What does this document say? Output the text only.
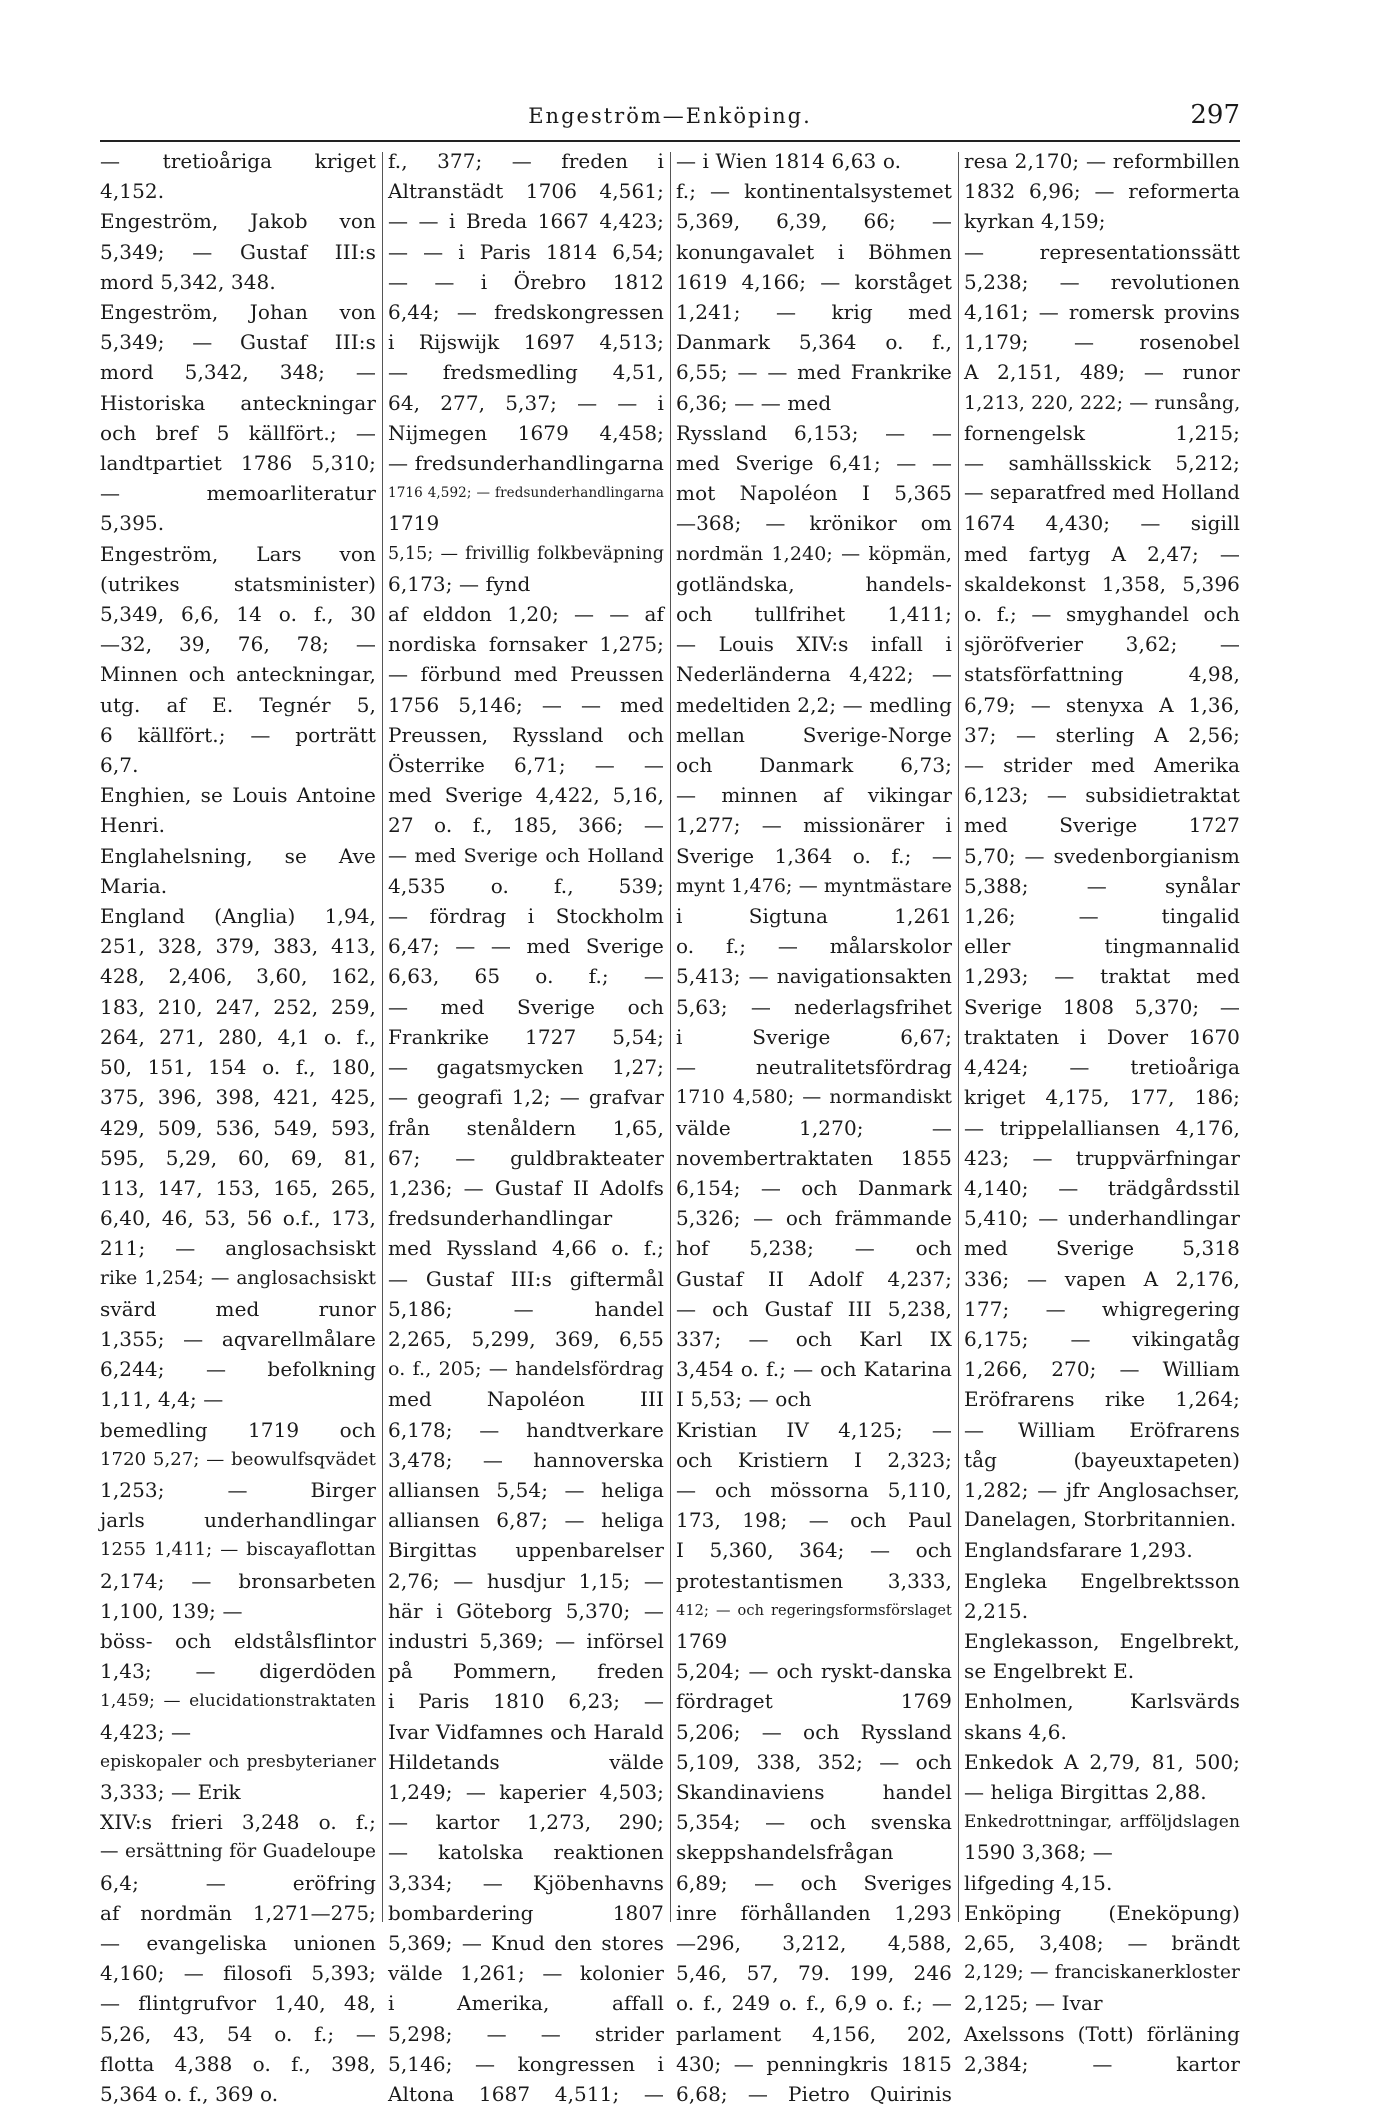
Engeström—Enköping.	297
— tretioåriga kriget
4,152.
Engeström, Jakob von
5,349; — Gustaf III:s
mord 5,342, 348.
Engeström, Johan von
5,349; — Gustaf III:s
mord 5,342, 348; —
Historiska anteckningar
och bref 5 källfört.; —
landtpartiet 1786 5,310;
— memoarliteratur
5,395.
Engeström, Lars von
(utrikes statsminister)
5,349, 6,6, 14 o. f., 30
—32, 39, 76, 78; —
Minnen och anteckningar,
utg. af E. Tegnér 5,
6 källfört.; — porträtt
6,7.
Enghien, se Louis Antoine
Henri.
Englahelsning, se Ave
Maria.
England (Anglia) 1,94,
251, 328, 379, 383, 413,
428, 2,406, 3,60, 162,
183, 210, 247, 252, 259,
264, 271, 280, 4,1 o. f.,
50, 151, 154 o. f., 180,
375, 396, 398, 421, 425,
429, 509, 536, 549, 593,
595, 5,29, 60, 69, 81,
113, 147, 153, 165, 265,
6,40, 46, 53, 56 o.f., 173,
211; — anglosachsiskt
rike 1,254; — anglosachsiskt
svärd med runor
1,355; — aqvarellmålare
6,244; — befolkning
1,11, 4,4; —
bemedling 1719 och
1720 5,27; — beowulfsqvädet
1,253; — Birger
jarls underhandlingar
1255 1,411; — biscayaflottan
2,174; — bronsarbeten
1,100, 139; —
böss- och eldstålsflintor
1,43; — digerdöden
1,459; — elucidationstraktaten
4,423; —
episkopaler och presbyterianer
3,333; — Erik
XIV:s frieri 3,248 o. f.;
— ersättning för Guadeloupe
6,4; — eröfring
af nordmän 1,271—275;
— evangeliska unionen
4,160; — filosofi 5,393;
— flintgrufvor 1,40, 48,
5,26, 43, 54 o. f.; —
flotta 4,388 o. f., 398,
5,364 o. f., 369 o.
f., 377; — freden i
Altranstädt 1706 4,561;
— — i Breda 1667 4,423;
— — i Paris 1814 6,54;
— — i Örebro 1812
6,44; — fredskongressen
i Rijswijk 1697 4,513;
— fredsmedling 4,51,
64, 277, 5,37; — — i
Nijmegen 1679 4,458;
— fredsunderhandlingarna
1716 4,592; — fredsunderhandlingarna
1719
5,15; — frivillig folkbeväpning
6,173; — fynd
af elddon 1,20; — — af
nordiska fornsaker 1,275;
— förbund med Preussen
1756 5,146; — — med
Preussen, Ryssland och
Österrike 6,71; — —
med Sverige 4,422, 5,16,
27 o. f., 185, 366; —
— med Sverige och Holland
4,535 o. f., 539;
— fördrag i Stockholm
6,47; — — med Sverige
6,63, 65 o. f.; —
— med Sverige och
Frankrike 1727 5,54;
— gagatsmycken 1,27;
— geografi 1,2; — grafvar
från stenåldern 1,65,
67; — guldbrakteater
1,236; — Gustaf II Adolfs
fredsunderhandlingar
med Ryssland 4,66 o. f.;
— Gustaf III:s giftermål
5,186; — handel
2,265, 5,299, 369, 6,55
o. f., 205; — handelsfördrag
med Napoléon III
6,178; — handtverkare
3,478; — hannoverska
alliansen 5,54; — heliga
alliansen 6,87; — heliga
Birgittas uppenbarelser
2,76; — husdjur 1,15; —
här i Göteborg 5,370; —
industri 5,369; — införsel
på Pommern, freden
i Paris 1810 6,23; —
Ivar Vidfamnes och Harald
Hildetands välde
1,249; — kaperier 4,503;
— kartor 1,273, 290;
— katolska reaktionen
3,334; — Kjöbenhavns
bombardering 1807
5,369; — Knud den stores
välde 1,261; — kolonier
i Amerika, affall
5,298; — — strider
5,146; — kongressen i
Altona 1687 4,511; —
— i Wien 1814 6,63 o.
f.; — kontinentalsystemet
5,369, 6,39, 66; —
konungavalet i Böhmen
1619 4,166; — korståget
1,241; — krig med
Danmark 5,364 o. f.,
6,55; — — med Frankrike
6,36; — — med
Ryssland 6,153; — —
med Sverige 6,41; — —
mot Napoléon I 5,365
—368; — krönikor om
nordmän 1,240; — köpmän,
gotländska, handels-
och tullfrihet 1,411;
— Louis XIV:s infall i
Nederländerna 4,422; —
medeltiden 2,2; — medling
mellan Sverige-Norge
och Danmark 6,73;
— minnen af vikingar
1,277; — missionärer i
Sverige 1,364 o. f.; —
mynt 1,476; — myntmästare
i Sigtuna 1,261
o. f.; — målarskolor
5,413; — navigationsakten
5,63; — nederlagsfrihet
i Sverige 6,67;
— neutralitetsfördrag
1710 4,580; — normandiskt
välde 1,270; —
novembertraktaten 1855
6,154; — och Danmark
5,326; — och främmande
hof 5,238; — och
Gustaf II Adolf 4,237;
— och Gustaf III 5,238,
337; — och Karl IX
3,454 o. f.; — och Katarina
I 5,53; — och
Kristian IV 4,125; —
och Kristiern I 2,323;
— och mössorna 5,110,
173, 198; — och Paul
I 5,360, 364; — och
protestantismen 3,333,
412; — och regeringsformsförslaget
1769
5,204; — och ryskt-danska
fördraget 1769
5,206; — och Ryssland
5,109, 338, 352; — och
Skandinaviens handel
5,354; — och svenska
skeppshandelsfrågan
6,89; — och Sveriges
inre förhållanden 1,293
—296, 3,212, 4,588,
5,46, 57, 79. 199, 246
o. f., 249 o. f., 6,9 o. f.; —
parlament 4,156, 202,
430; — penningkris 1815
6,68; — Pietro Quirinis
resa 2,170; — reformbillen
1832 6,96; — reformerta
kyrkan 4,159;
— representationssätt
5,238; — revolutionen
4,161; — romersk provins
1,179; — rosenobel
A 2,151, 489; — runor
1,213, 220, 222; — runsång,
fornengelsk 1,215;
— samhällsskick 5,212;
— separatfred med Holland
1674 4,430; — sigill
med fartyg A 2,47; —
skaldekonst 1,358, 5,396
o. f.; — smyghandel och
sjöröfverier 3,62; —
statsförfattning 4,98,
6,79; — stenyxa A 1,36,
37; — sterling A 2,56;
— strider med Amerika
6,123; — subsidietraktat
med Sverige 1727
5,70; — svedenborgianism
5,388; — synålar
1,26; — tingalid
eller tingmannalid
1,293; — traktat med
Sverige 1808 5,370; —
traktaten i Dover 1670
4,424; — tretioåriga
kriget 4,175, 177, 186;
— trippelalliansen 4,176,
423; — truppvärfningar
4,140; — trädgårdsstil
5,410; — underhandlingar
med Sverige 5,318
336; — vapen A 2,176,
177; — whigregering
6,175; — vikingatåg
1,266, 270; — William
Eröfrarens rike 1,264;
— William Eröfrarens
tåg (bayeuxtapeten)
1,282; — jfr Anglosachser,
Danelagen, Storbritannien.
Englandsfarare 1,293.
Engleka Engelbrektsson
2,215.
Englekasson, Engelbrekt,
se Engelbrekt E.
Enholmen, Karlsvärds
skans 4,6.
Enkedok A 2,79, 81, 500;
— heliga Birgittas 2,88.
Enkedrottningar, arfföljdslagen
1590 3,368; —
lifgeding 4,15.
Enköping (Eneköpung)
2,65, 3,408; — brändt
2,129; — franciskanerkloster
2,125; — Ivar
Axelssons (Tott) förläning
2,384; — kartor
